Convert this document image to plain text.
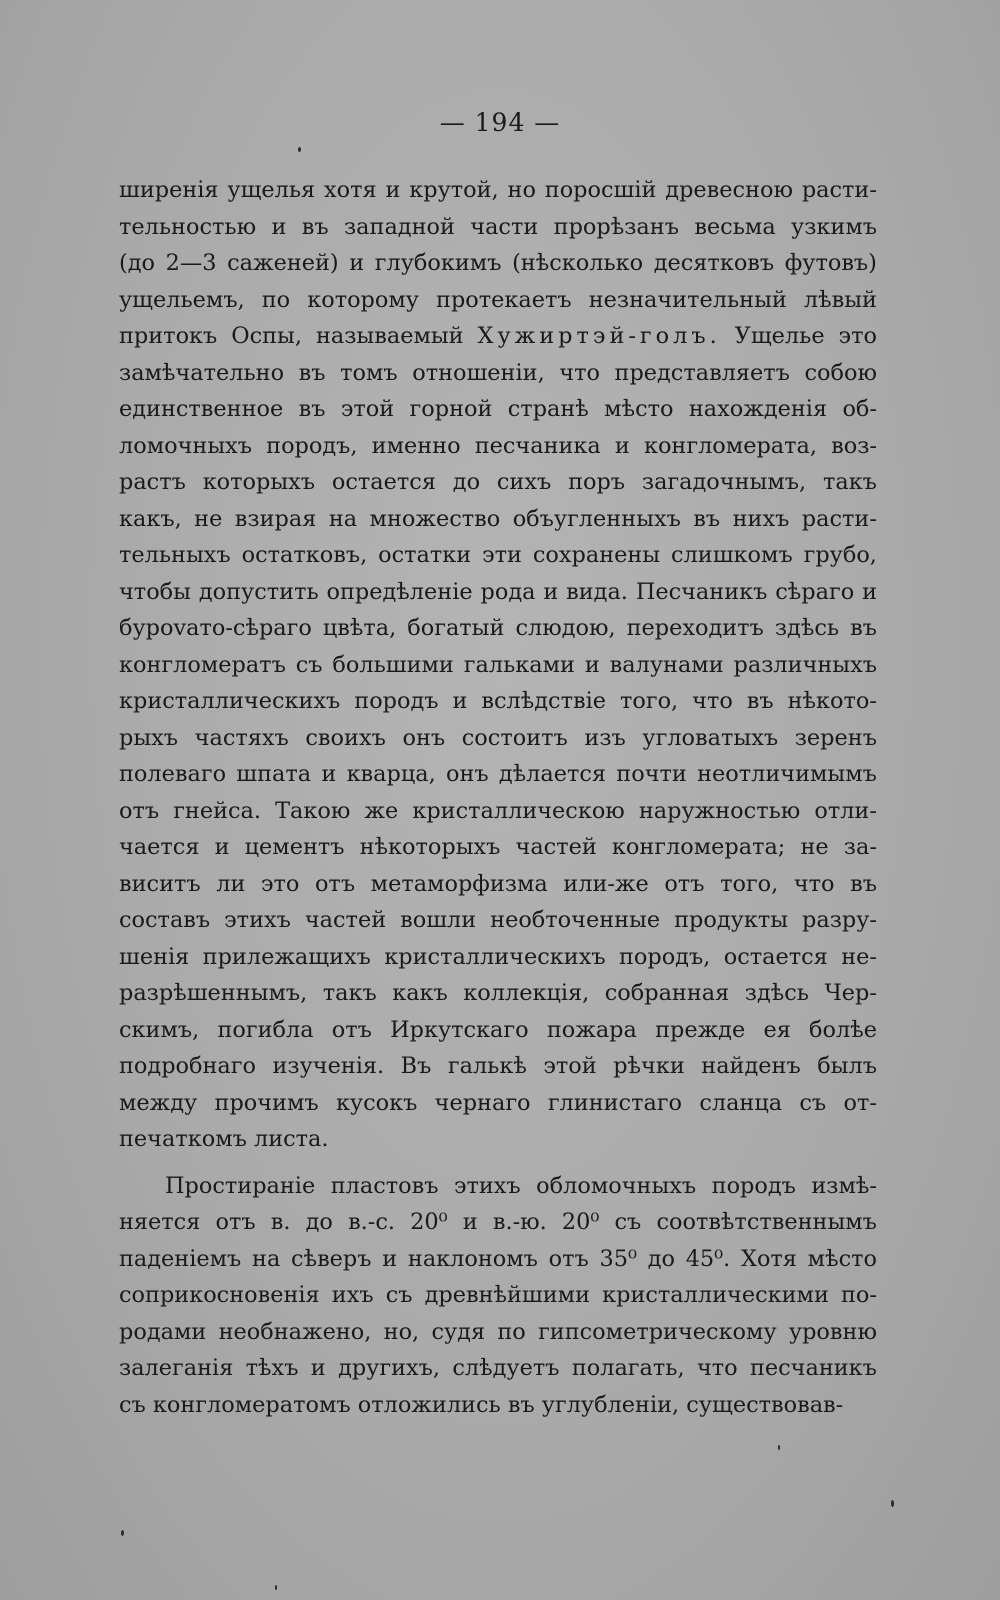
— 194 —
ширенія ущелья хотя и крутой, но поросшій древесною расти-
тельностью и въ западной части прорѣзанъ весьма узкимъ
(до 2—3 саженей) и глубокимъ (нѣсколько десятковъ футовъ)
ущельемъ, по которому протекаетъ незначительный лѣвый
притокъ Оспы, называемый Хужиртэй-голъ. Ущелье это
замѣчательно въ томъ отношеніи, что представляетъ собою
единственное въ этой горной странѣ мѣсто нахожденія об-
ломочныхъ породъ, именно песчаника и конгломерата, воз-
растъ которыхъ остается до сихъ поръ загадочнымъ, такъ
какъ, не взирая на множество объугленныхъ въ нихъ расти-
тельныхъ остатковъ, остатки эти сохранены слишкомъ грубо,
чтобы допустить опредѣленіе рода и вида. Песчаникъ сѣраго и
бурovато-сѣраго цвѣта, богатый слюдою, переходитъ здѣсь въ
конгломератъ съ большими гальками и валунами различныхъ
кристаллическихъ породъ и вслѣдствіе того, что въ нѣкото-
рыхъ частяхъ своихъ онъ состоитъ изъ угловатыхъ зеренъ
полеваго шпата и кварца, онъ дѣлается почти неотличимымъ
отъ гнейса. Такою же кристаллическою наружностью отли-
чается и цементъ нѣкоторыхъ частей конгломерата; не за-
виситъ ли это отъ метаморфизма или-же отъ того, что въ
составъ этихъ частей вошли необточенные продукты разру-
шенія прилежащихъ кристаллическихъ породъ, остается не-
разрѣшеннымъ, такъ какъ коллекція, собранная здѣсь Чер-
скимъ, погибла отъ Иркутскаго пожара прежде ея болѣе
подробнаго изученія. Въ галькѣ этой рѣчки найденъ былъ
между прочимъ кусокъ чернаго глинистаго сланца съ от-
печаткомъ листа.
Простираніе пластовъ этихъ обломочныхъ породъ измѣ-
няется отъ в. до в.-с. 20⁰ и в.-ю. 20⁰ съ соотвѣтственнымъ
паденіемъ на сѣверъ и наклономъ отъ 35⁰ до 45⁰. Хотя мѣсто
соприкосновенія ихъ съ древнѣйшими кристаллическими по-
родами необнажено, но, судя по гипсометрическому уровню
залеганія тѣхъ и другихъ, слѣдуетъ полагать, что песчаникъ
съ конгломератомъ отложились въ углубленіи, существовав-
